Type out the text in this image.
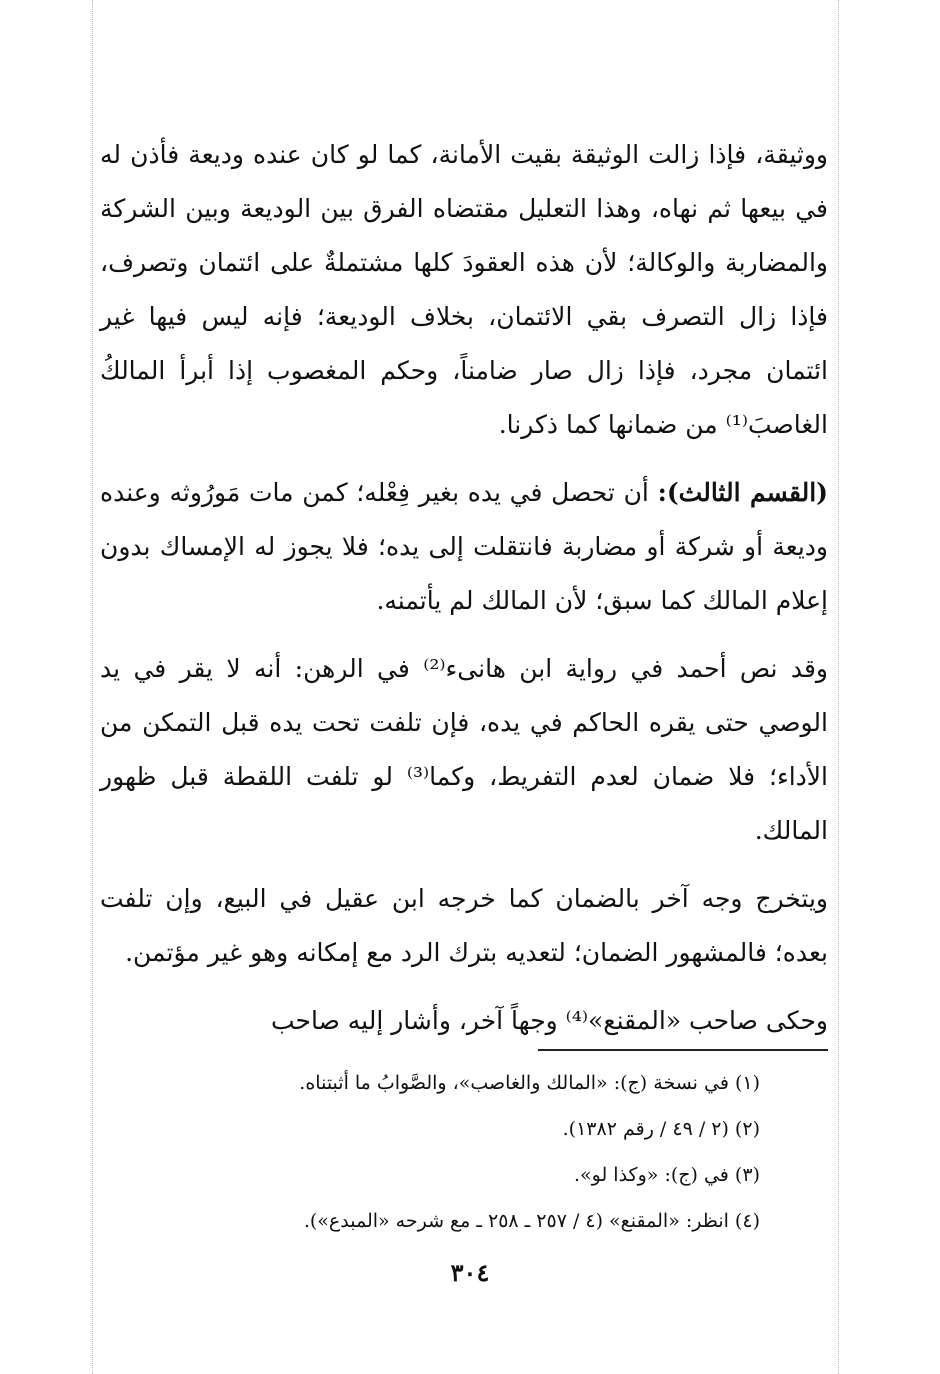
ووثيقة، فإذا زالت الوثيقة بقيت الأمانة، كما لو كان عنده وديعة فأذن له في بيعها ثم نهاه، وهذا التعليل مقتضاه الفرق بين الوديعة وبين الشركة والمضاربة والوكالة؛ لأن هذه العقودَ كلها مشتملةٌ على ائتمان وتصرف، فإذا زال التصرف بقي الائتمان، بخلاف الوديعة؛ فإنه ليس فيها غير ائتمان مجرد، فإذا زال صار ضامناً، وحكم المغصوب إذا أبرأ المالكُ الغاصبَ⁽¹⁾ من ضمانها كما ذكرنا.

(القسم الثالث): أن تحصل في يده بغير فِعْله؛ كمن مات مَورُوثه وعنده وديعة أو شركة أو مضاربة فانتقلت إلى يده؛ فلا يجوز له الإمساك بدون إعلام المالك كما سبق؛ لأن المالك لم يأتمنه.

وقد نص أحمد في رواية ابن هانىء⁽²⁾ في الرهن: أنه لا يقر في يد الوصي حتى يقره الحاكم في يده، فإن تلفت تحت يده قبل التمكن من الأداء؛ فلا ضمان لعدم التفريط، وكما⁽³⁾ لو تلفت اللقطة قبل ظهور المالك.

ويتخرج وجه آخر بالضمان كما خرجه ابن عقيل في البيع، وإن تلفت بعده؛ فالمشهور الضمان؛ لتعديه بترك الرد مع إمكانه وهو غير مؤتمن.

وحكى صاحب «المقنع»⁽⁴⁾ وجهاً آخر، وأشار إليه صاحب

(١) في نسخة (ج): «المالك والغاصب»، والصَّوابُ ما أثبتناه.
(٢) (٢ / ٤٩ / رقم ١٣٨٢).
(٣) في (ج): «وكذا لو».
(٤) انظر: «المقنع» (٤ / ٢٥٧ ـ ٢٥٨ ـ مع شرحه «المبدع»).
٣٠٤
